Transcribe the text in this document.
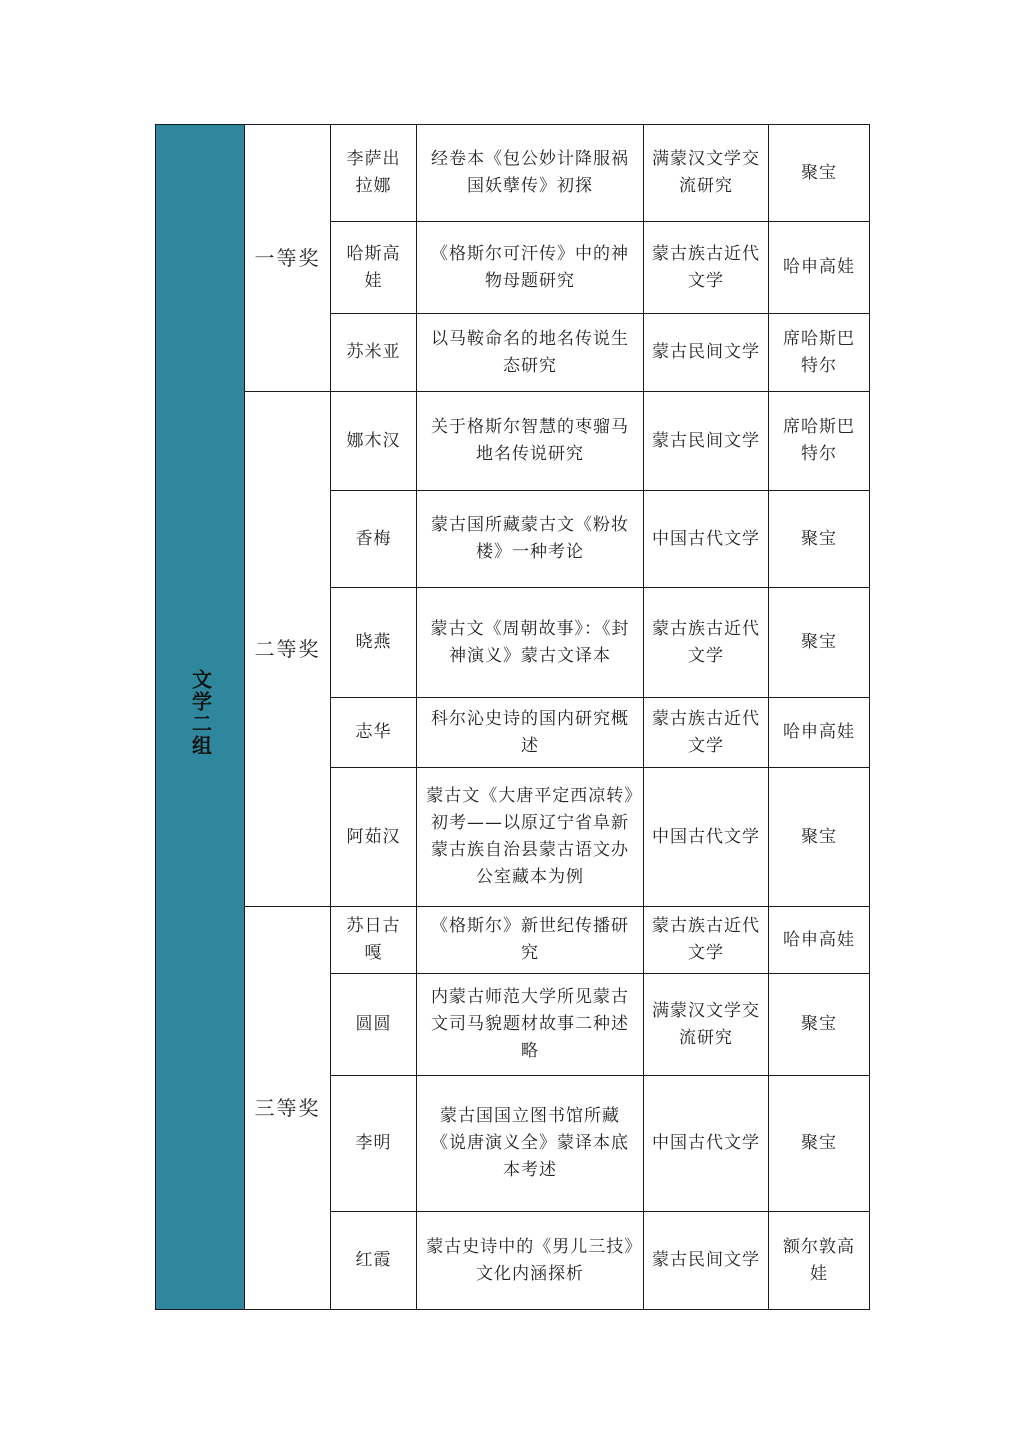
文学二组	一等奖	李萨出拉娜	经卷本《包公妙计降服祸国妖孽传》初探	满蒙汉文学交流研究	聚宝
		哈斯高娃	《格斯尔可汗传》中的神物母题研究	蒙古族古近代文学	哈申高娃
		苏米亚	以马鞍命名的地名传说生态研究	蒙古民间文学	席哈斯巴特尔
	二等奖	娜木汉	关于格斯尔智慧的枣骝马地名传说研究	蒙古民间文学	席哈斯巴特尔
		香梅	蒙古国所藏蒙古文《粉妆楼》一种考论	中国古代文学	聚宝
		晓燕	蒙古文《周朝故事》：《封神演义》蒙古文译本	蒙古族古近代文学	聚宝
		志华	科尔沁史诗的国内研究概述	蒙古族古近代文学	哈申高娃
		阿茹汉	蒙古文《大唐平定西凉转》初考——以原辽宁省阜新蒙古族自治县蒙古语文办公室藏本为例	中国古代文学	聚宝
	三等奖	苏日古嘎	《格斯尔》新世纪传播研究	蒙古族古近代文学	哈申高娃
		圆圆	内蒙古师范大学所见蒙古文司马貌题材故事二种述略	满蒙汉文学交流研究	聚宝
		李明	蒙古国国立图书馆所藏《说唐演义全》蒙译本底本考述	中国古代文学	聚宝
		红霞	蒙古史诗中的《男儿三技》文化内涵探析	蒙古民间文学	额尔敦高娃
